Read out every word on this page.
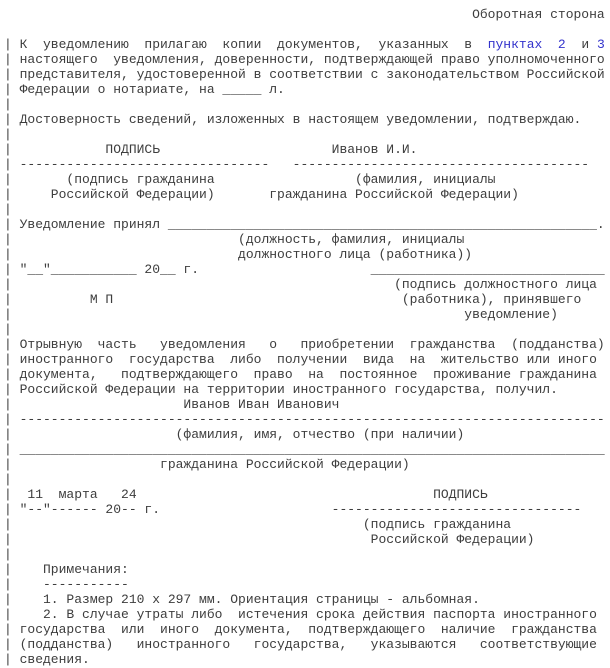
Оборотная сторона
| К  уведомлению  прилагаю  копии  документов,  указанных  в  пунктах 2  и 3
| настоящего  уведомления, доверенности, подтверждающей право уполномоченного
| представителя, удостоверенной в соответствии с законодательством Российской
| Федерации о нотариате, на _____ л.
|
| Достоверность сведений, изложенных в настоящем уведомлении, подтверждаю.
|
|            ПОДПИСЬ                      Иванов И.И.
| --------------------------------   --------------------------------------
|       (подпись гражданина                  (фамилия, инициалы
|     Российской Федерации)       гражданина Российской Федерации)
|
| Уведомление принял _______________________________________________________.
|                             (должность, фамилия, инициалы
|                             должностного лица (работника))
| "__"___________ 20__ г.                      ______________________________
|                                                 (подпись должностного лица
|          М П                                     (работника), принявшего
|                                                          уведомление)
|
| Отрывную  часть   уведомления   о   приобретении  гражданства  (подданства)
| иностранного  государства  либо  получении  вида  на  жительство или иного
| документа,   подтверждающего  право  на  постоянное  проживание гражданина
| Российской Федерации на территории иностранного государства, получил.
|                      Иванов Иван Иванович
| ---------------------------------------------------------------------------
|                     (фамилия, имя, отчество (при наличии)
| ___________________________________________________________________________
|                   гражданина Российской Федерации)
|
|  11  марта   24                                      ПОДПИСЬ
| "--"------ 20-- г.                      --------------------------------
|                                             (подпись гражданина
|                                              Российской Федерации)
|
|    Примечания:
|    -----------
|    1. Размер 210 x 297 мм. Ориентация страницы - альбомная.
|    2. В случае утраты либо  истечения срока действия паспорта иностранного
| государства  или  иного  документа,  подтверждающего  наличие  гражданства
| (подданства)   иностранного   государства,   указываются   соответствующие
| сведения.
